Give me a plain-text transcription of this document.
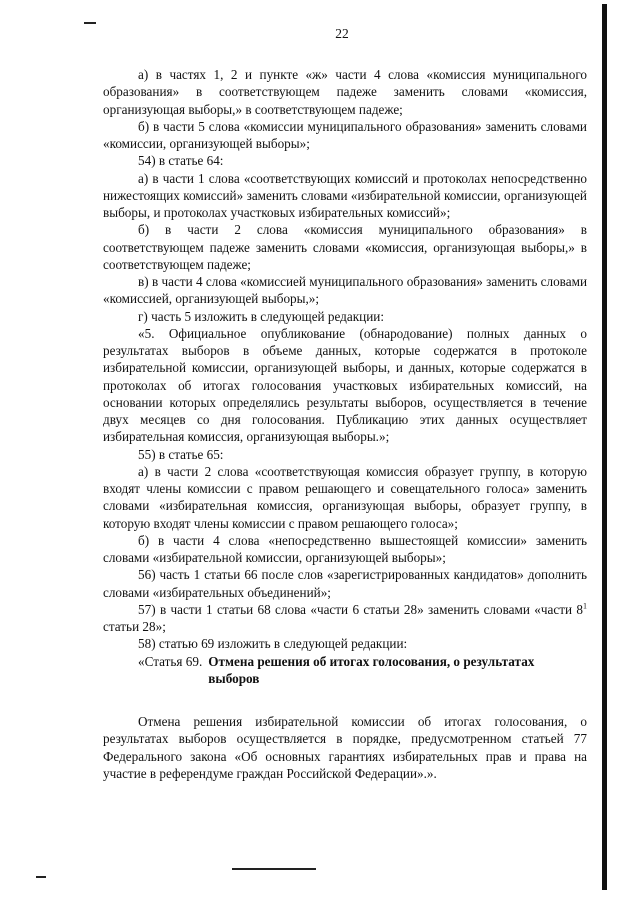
22

а) в частях 1, 2 и пункте «ж» части 4 слова «комиссия муниципального образования» в соответствующем падеже заменить словами «комиссия, организующая выборы,» в соответствующем падеже;

б) в части 5 слова «комиссии муниципального образования» заменить словами «комиссии, организующей выборы»;

54) в статье 64:

а) в части 1 слова «соответствующих комиссий и протоколах непосредственно нижестоящих комиссий» заменить словами «избирательной комиссии, организующей выборы, и протоколах участковых избирательных комиссий»;

б) в части 2 слова «комиссия муниципального образования» в соответствующем падеже заменить словами «комиссия, организующая выборы,» в соответствующем падеже;

в) в части 4 слова «комиссией муниципального образования» заменить словами «комиссией, организующей выборы,»;

г) часть 5 изложить в следующей редакции:

«5. Официальное опубликование (обнародование) полных данных о результатах выборов в объеме данных, которые содержатся в протоколе избирательной комиссии, организующей выборы, и данных, которые содержатся в протоколах об итогах голосования участковых избирательных комиссий, на основании которых определялись результаты выборов, осуществляется в течение двух месяцев со дня голосования. Публикацию этих данных осуществляет избирательная комиссия, организующая выборы.»;

55) в статье 65:

а) в части 2 слова «соответствующая комиссия образует группу, в которую входят члены комиссии с правом решающего и совещательного голоса» заменить словами «избирательная комиссия, организующая выборы, образует группу, в которую входят члены комиссии с правом решающего голоса»;

б) в части 4 слова «непосредственно вышестоящей комиссии» заменить словами «избирательной комиссии, организующей выборы»;

56) часть 1 статьи 66 после слов «зарегистрированных кандидатов» дополнить словами «избирательных объединений»;

57) в части 1 статьи 68 слова «части 6 статьи 28» заменить словами «части $8^1$ статьи 28»;

58) статью 69 изложить в следующей редакции:

«Статья 69. Отмена решения об итогах голосования, о результатах выборов

Отмена решения избирательной комиссии об итогах голосования, о результатах выборов осуществляется в порядке, предусмотренном статьей 77 Федерального закона «Об основных гарантиях избирательных прав и права на участие в референдуме граждан Российской Федерации».».
